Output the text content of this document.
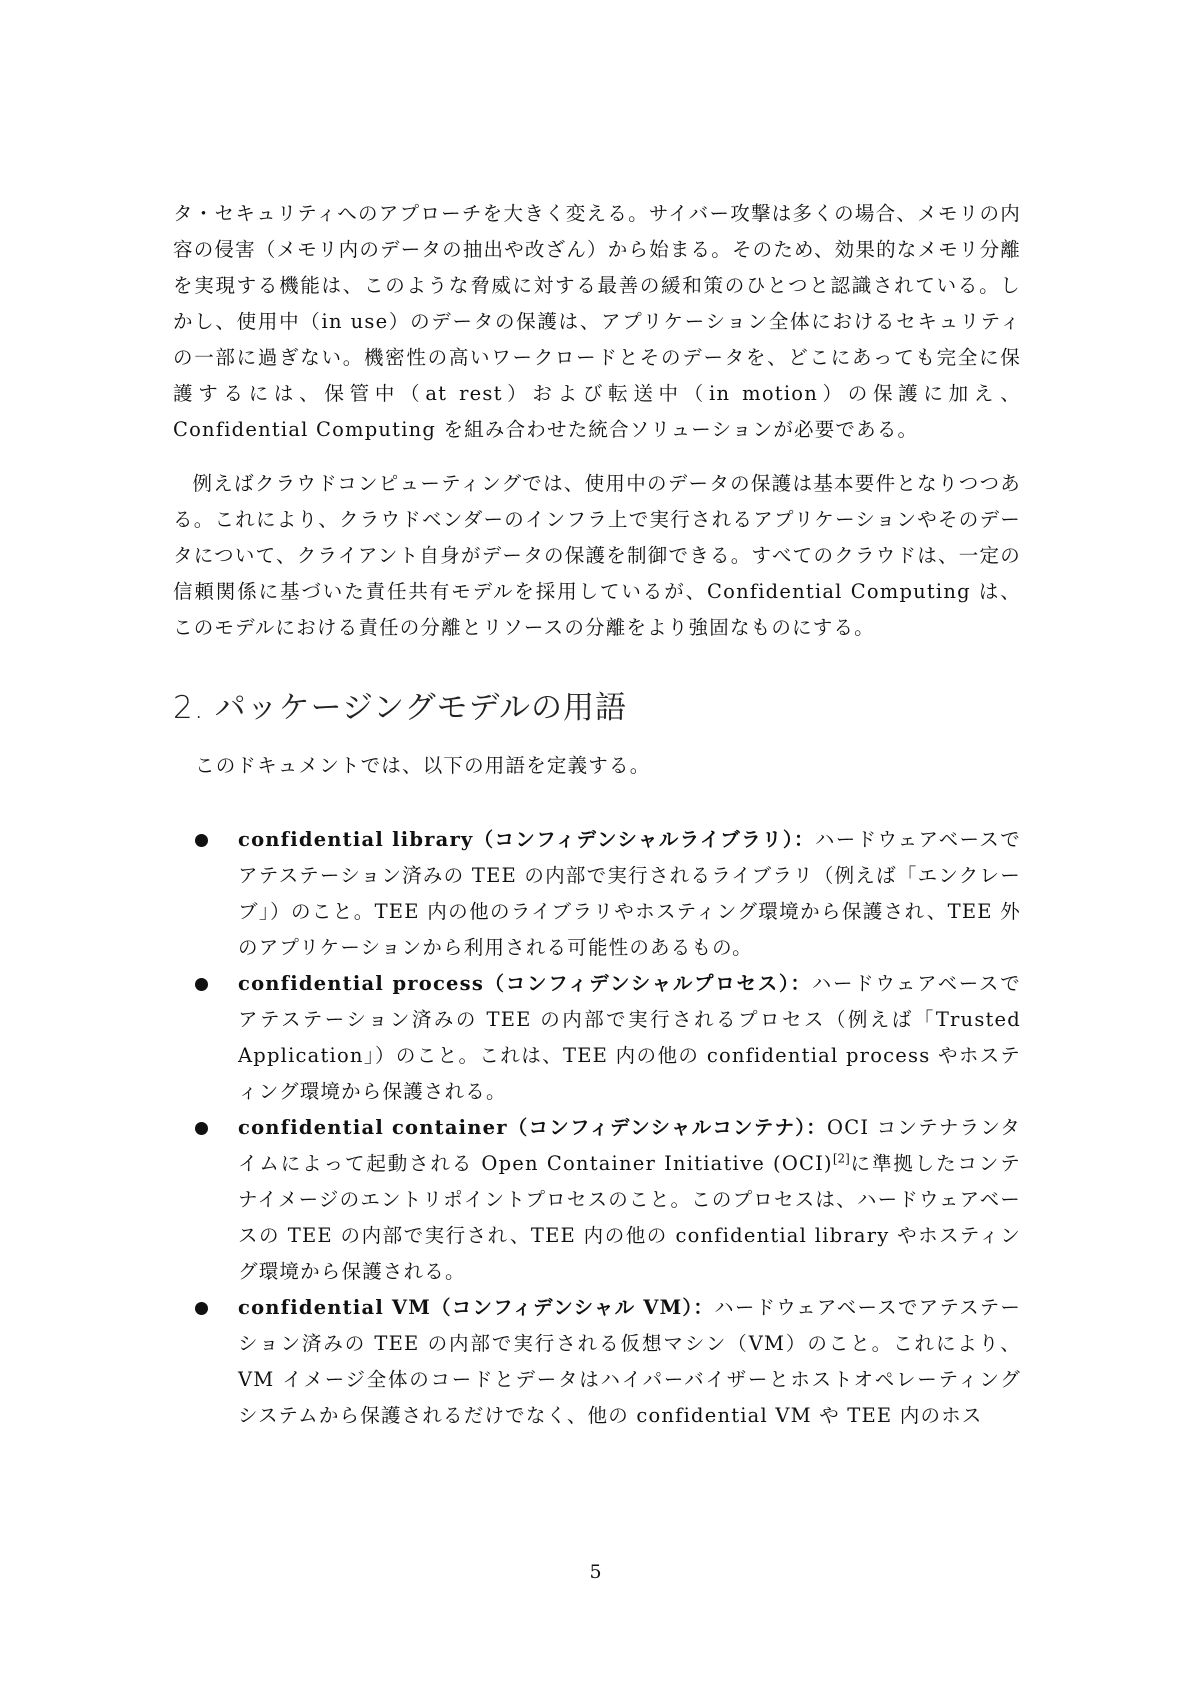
タ・セキュリティへのアプローチを大きく変える。サイバー攻撃は多くの場合、メモリの内容の侵害（メモリ内のデータの抽出や改ざん）から始まる。そのため、効果的なメモリ分離を実現する機能は、このような脅威に対する最善の緩和策のひとつと認識されている。しかし、使用中（in use）のデータの保護は、アプリケーション全体におけるセキュリティの一部に過ぎない。機密性の高いワークロードとそのデータを、どこにあっても完全に保護するには、保管中（at rest）および転送中（in motion）の保護に加え、Confidential Computing を組み合わせた統合ソリューションが必要である。

例えばクラウドコンピューティングでは、使用中のデータの保護は基本要件となりつつある。これにより、クラウドベンダーのインフラ上で実行されるアプリケーションやそのデータについて、クライアント自身がデータの保護を制御できる。すべてのクラウドは、一定の信頼関係に基づいた責任共有モデルを採用しているが、Confidential Computing は、このモデルにおける責任の分離とリソースの分離をより強固なものにする。

2. パッケージングモデルの用語

このドキュメントでは、以下の用語を定義する。

confidential library（コンフィデンシャルライブラリ）：ハードウェアベースでアテステーション済みの TEE の内部で実行されるライブラリ（例えば「エンクレーブ」）のこと。TEE 内の他のライブラリやホスティング環境から保護され、TEE 外のアプリケーションから利用される可能性のあるもの。
confidential process（コンフィデンシャルプロセス）：ハードウェアベースでアテステーション済みの TEE の内部で実行されるプロセス（例えば「Trusted Application」）のこと。これは、TEE 内の他の confidential process やホスティング環境から保護される。
confidential container（コンフィデンシャルコンテナ）：OCI コンテナランタイムによって起動される Open Container Initiative (OCI)[2]に準拠したコンテナイメージのエントリポイントプロセスのこと。このプロセスは、ハードウェアベースの TEE の内部で実行され、TEE 内の他の confidential library やホスティング環境から保護される。
confidential VM（コンフィデンシャル VM）：ハードウェアベースでアテステーション済みの TEE の内部で実行される仮想マシン（VM）のこと。これにより、VM イメージ全体のコードとデータはハイパーバイザーとホストオペレーティングシステムから保護されるだけでなく、他の confidential VM や TEE 内のホス
5
